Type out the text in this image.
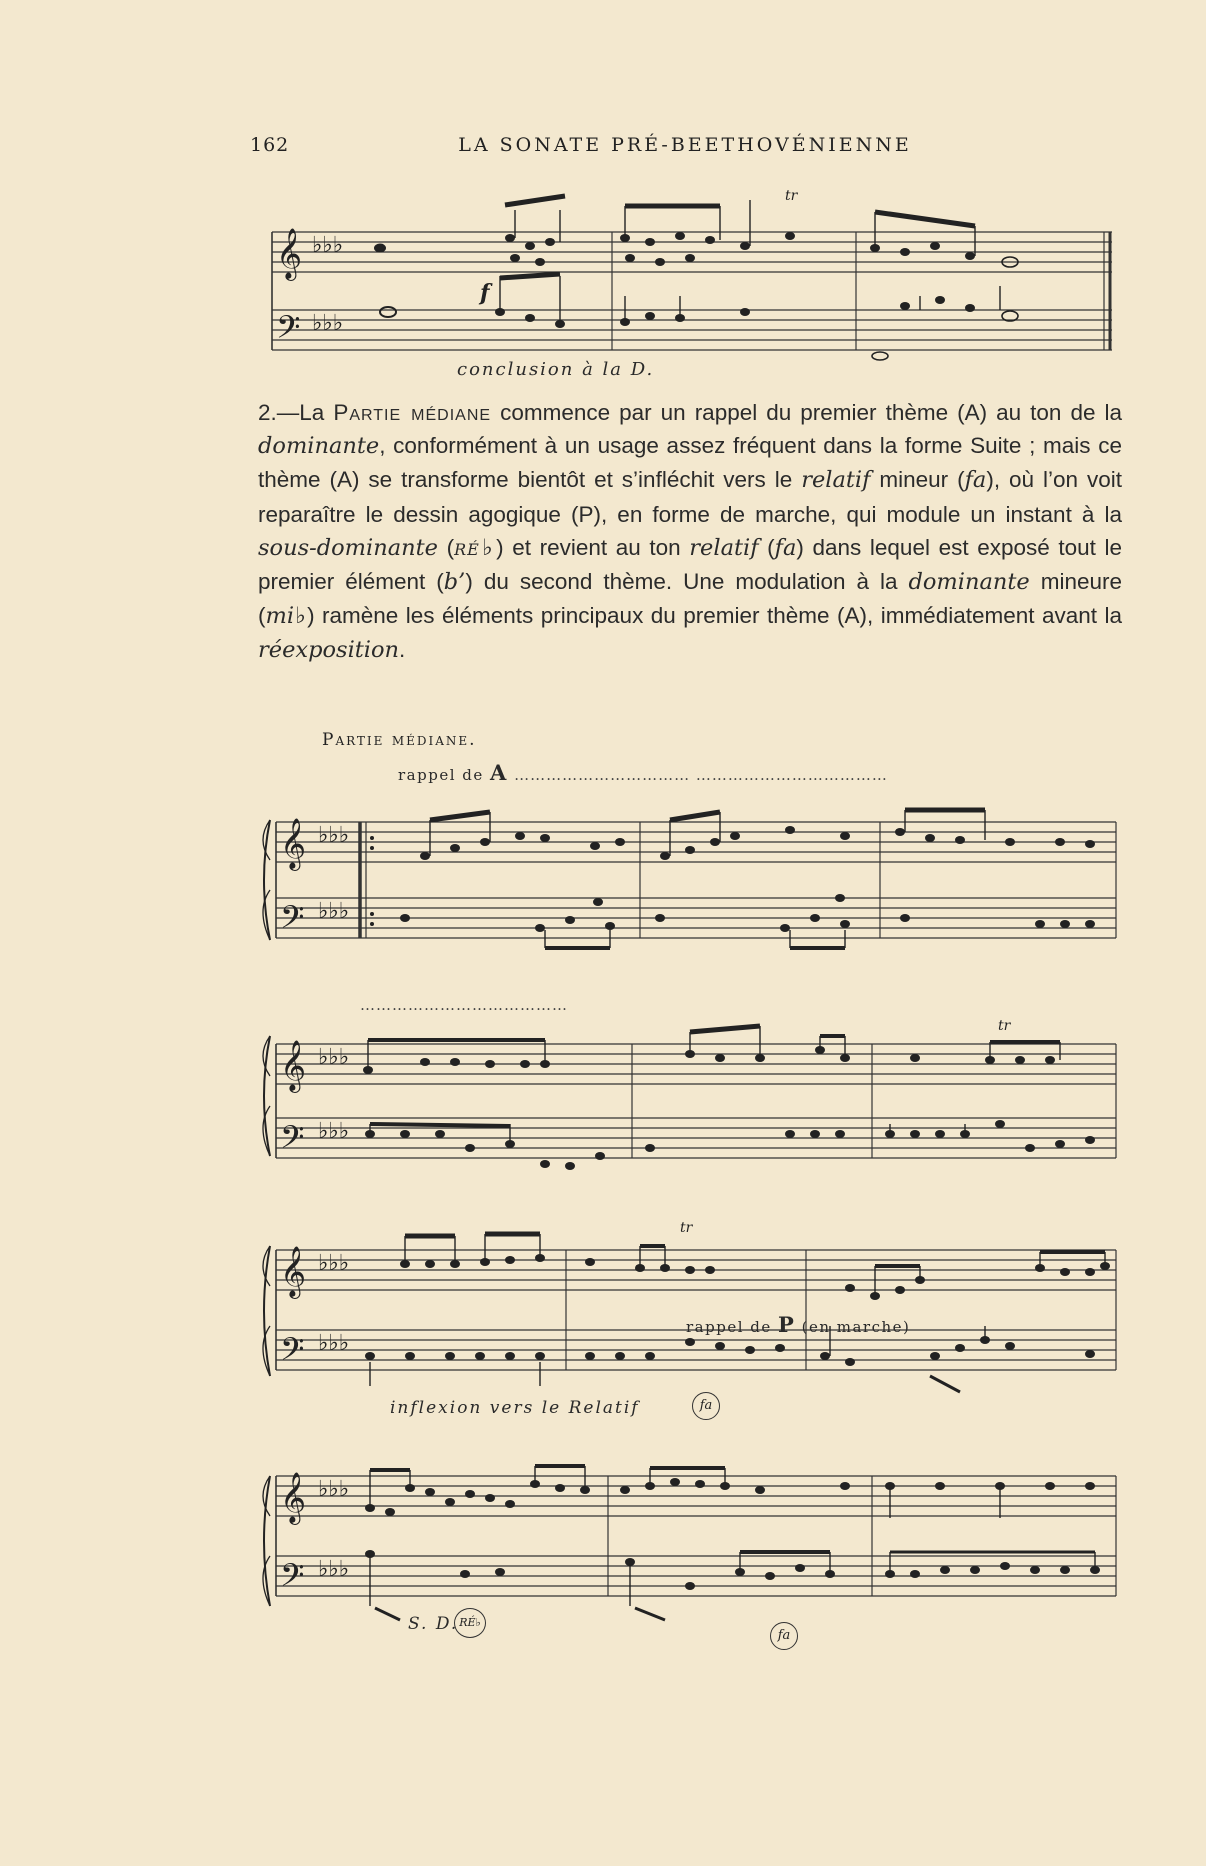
162	LA SONATE PRÉ-BEETHOVÉNIENNE
𝄞
𝄢
♭♭♭
♭♭♭
f
tr
conclusion à la D.

2.—La Partie médiane commence par un rappel du premier thème (A) au ton de la dominante, conformément à un usage assez fréquent dans la forme Suite ; mais ce thème (A) se transforme bientôt et s’infléchit vers le relatif mineur (fa), où l’on voit reparaître le dessin agogique (P), en forme de marche, qui module un instant à la sous-dominante (ré♭) et revient au ton relatif (fa) dans lequel est exposé tout le premier élément (b’) du second thème. Une modulation à la dominante mineure (mi♭) ramène les éléments principaux du premier thème (A), immédiatement avant la réexposition.

Partie médiane.
rappel de A …………………………… ………………………………
𝄞
𝄢
♭♭♭
♭♭♭
…………………………………
𝄞
𝄢
♭♭♭
♭♭♭
tr
𝄞
𝄢
♭♭♭
♭♭♭
tr
rappel de P (en marche)
inflexion vers le Relatif	fa
𝄞
𝄢
♭♭♭
♭♭♭
S. D. RÉ♭
fa
